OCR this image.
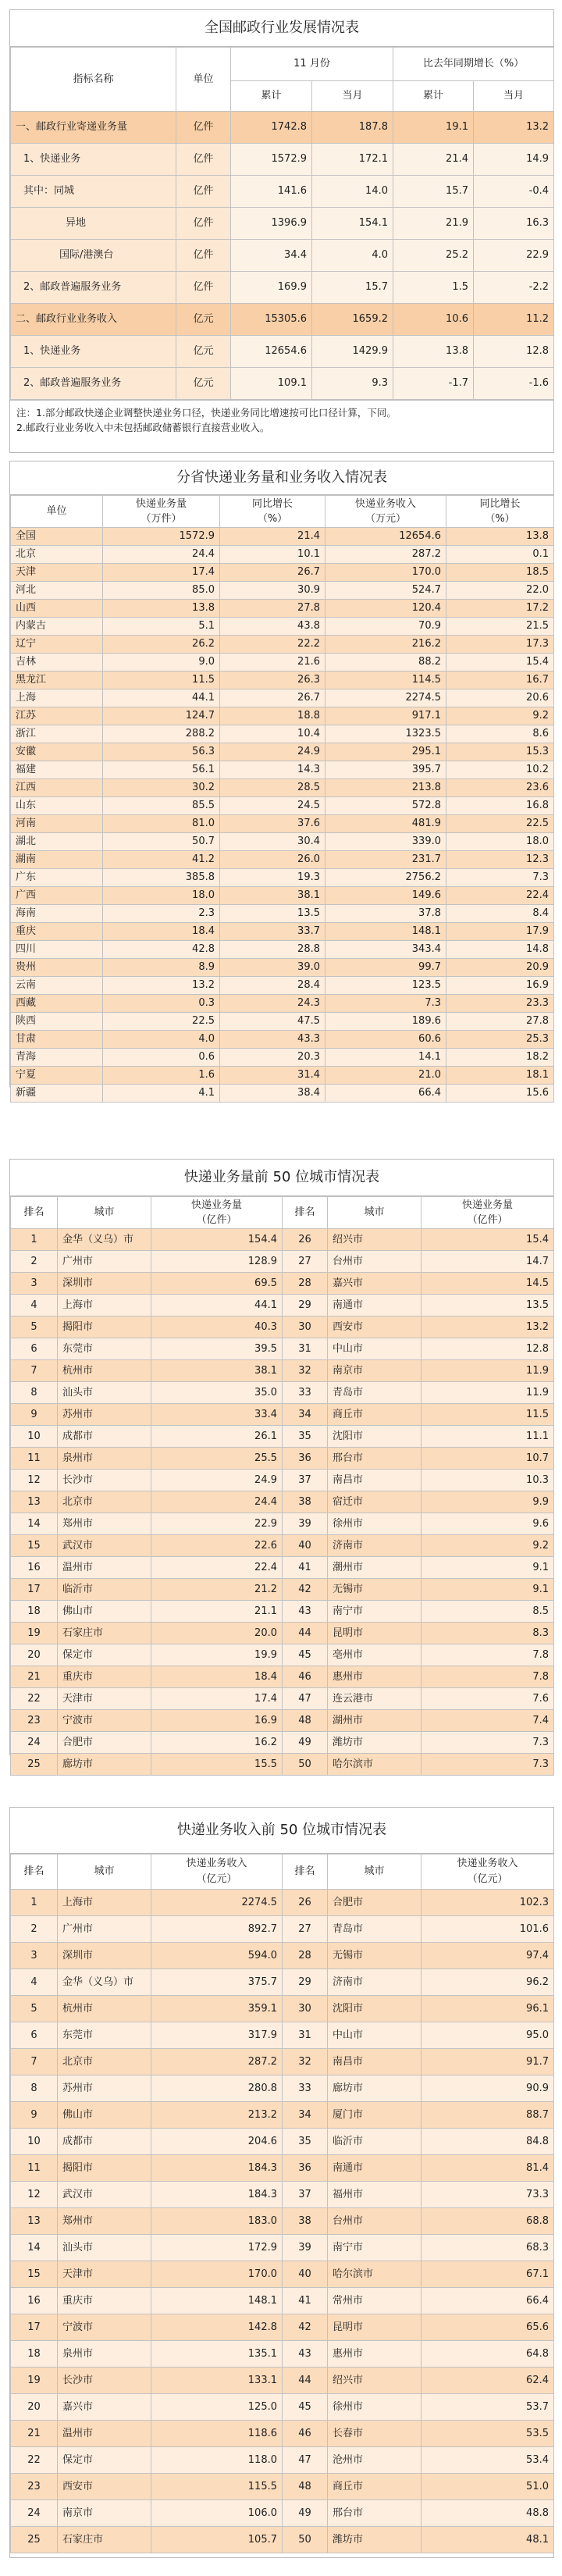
全国邮政行业发展情况表
指标名称	单位	11 月份		比去年同期增长（%）	
		累计	当月	累计	当月
一、邮政行业寄递业务量	亿件	1742.8	187.8	19.1	13.2
1、快递业务	亿件	1572.9	172.1	21.4	14.9
其中：同城	亿件	141.6	14.0	15.7	-0.4
异地	亿件	1396.9	154.1	21.9	16.3
国际/港澳台	亿件	34.4	4.0	25.2	22.9
2、邮政普遍服务业务	亿件	169.9	15.7	1.5	-2.2
二、邮政行业业务收入	亿元	15305.6	1659.2	10.6	11.2
1、快递业务	亿元	12654.6	1429.9	13.8	12.8
2、邮政普遍服务业务	亿元	109.1	9.3	-1.7	-1.6
注：1.部分邮政快递企业调整快递业务口径，快递业务同比增速按可比口径计算，下同。
2.邮政行业业务收入中未包括邮政储蓄银行直接营业收入。
分省快递业务量和业务收入情况表
单位	快递业务量
（万件）	同比增长
（%）	快递业务收入
（万元）	同比增长
（%）
全国	1572.9	21.4	12654.6	13.8
北京	24.4	10.1	287.2	0.1
天津	17.4	26.7	170.0	18.5
河北	85.0	30.9	524.7	22.0
山西	13.8	27.8	120.4	17.2
内蒙古	5.1	43.8	70.9	21.5
辽宁	26.2	22.2	216.2	17.3
吉林	9.0	21.6	88.2	15.4
黑龙江	11.5	26.3	114.5	16.7
上海	44.1	26.7	2274.5	20.6
江苏	124.7	18.8	917.1	9.2
浙江	288.2	10.4	1323.5	8.6
安徽	56.3	24.9	295.1	15.3
福建	56.1	14.3	395.7	10.2
江西	30.2	28.5	213.8	23.6
山东	85.5	24.5	572.8	16.8
河南	81.0	37.6	481.9	22.5
湖北	50.7	30.4	339.0	18.0
湖南	41.2	26.0	231.7	12.3
广东	385.8	19.3	2756.2	7.3
广西	18.0	38.1	149.6	22.4
海南	2.3	13.5	37.8	8.4
重庆	18.4	33.7	148.1	17.9
四川	42.8	28.8	343.4	14.8
贵州	8.9	39.0	99.7	20.9
云南	13.2	28.4	123.5	16.9
西藏	0.3	24.3	7.3	23.3
陕西	22.5	47.5	189.6	27.8
甘肃	4.0	43.3	60.6	25.3
青海	0.6	20.3	14.1	18.2
宁夏	1.6	31.4	21.0	18.1
新疆	4.1	38.4	66.4	15.6
快递业务量前 50 位城市情况表
排名	城市	快递业务量
（亿件）	排名	城市	快递业务量
（亿件）
1	金华（义乌）市	154.4	26	绍兴市	15.4
2	广州市	128.9	27	台州市	14.7
3	深圳市	69.5	28	嘉兴市	14.5
4	上海市	44.1	29	南通市	13.5
5	揭阳市	40.3	30	西安市	13.2
6	东莞市	39.5	31	中山市	12.8
7	杭州市	38.1	32	南京市	11.9
8	汕头市	35.0	33	青岛市	11.9
9	苏州市	33.4	34	商丘市	11.5
10	成都市	26.1	35	沈阳市	11.1
11	泉州市	25.5	36	邢台市	10.7
12	长沙市	24.9	37	南昌市	10.3
13	北京市	24.4	38	宿迁市	9.9
14	郑州市	22.9	39	徐州市	9.6
15	武汉市	22.6	40	济南市	9.2
16	温州市	22.4	41	潮州市	9.1
17	临沂市	21.2	42	无锡市	9.1
18	佛山市	21.1	43	南宁市	8.5
19	石家庄市	20.0	44	昆明市	8.3
20	保定市	19.9	45	亳州市	7.8
21	重庆市	18.4	46	惠州市	7.8
22	天津市	17.4	47	连云港市	7.6
23	宁波市	16.9	48	湖州市	7.4
24	合肥市	16.2	49	潍坊市	7.3
25	廊坊市	15.5	50	哈尔滨市	7.3
快递业务收入前 50 位城市情况表
排名	城市	快递业务收入
（亿元）	排名	城市	快递业务收入
（亿元）
1	上海市	2274.5	26	合肥市	102.3
2	广州市	892.7	27	青岛市	101.6
3	深圳市	594.0	28	无锡市	97.4
4	金华（义乌）市	375.7	29	济南市	96.2
5	杭州市	359.1	30	沈阳市	96.1
6	东莞市	317.9	31	中山市	95.0
7	北京市	287.2	32	南昌市	91.7
8	苏州市	280.8	33	廊坊市	90.9
9	佛山市	213.2	34	厦门市	88.7
10	成都市	204.6	35	临沂市	84.8
11	揭阳市	184.3	36	南通市	81.4
12	武汉市	184.3	37	福州市	73.3
13	郑州市	183.0	38	台州市	68.8
14	汕头市	172.9	39	南宁市	68.3
15	天津市	170.0	40	哈尔滨市	67.1
16	重庆市	148.1	41	常州市	66.4
17	宁波市	142.8	42	昆明市	65.6
18	泉州市	135.1	43	惠州市	64.8
19	长沙市	133.1	44	绍兴市	62.4
20	嘉兴市	125.0	45	徐州市	53.7
21	温州市	118.6	46	长春市	53.5
22	保定市	118.0	47	沧州市	53.4
23	西安市	115.5	48	商丘市	51.0
24	南京市	106.0	49	邢台市	48.8
25	石家庄市	105.7	50	潍坊市	48.1
